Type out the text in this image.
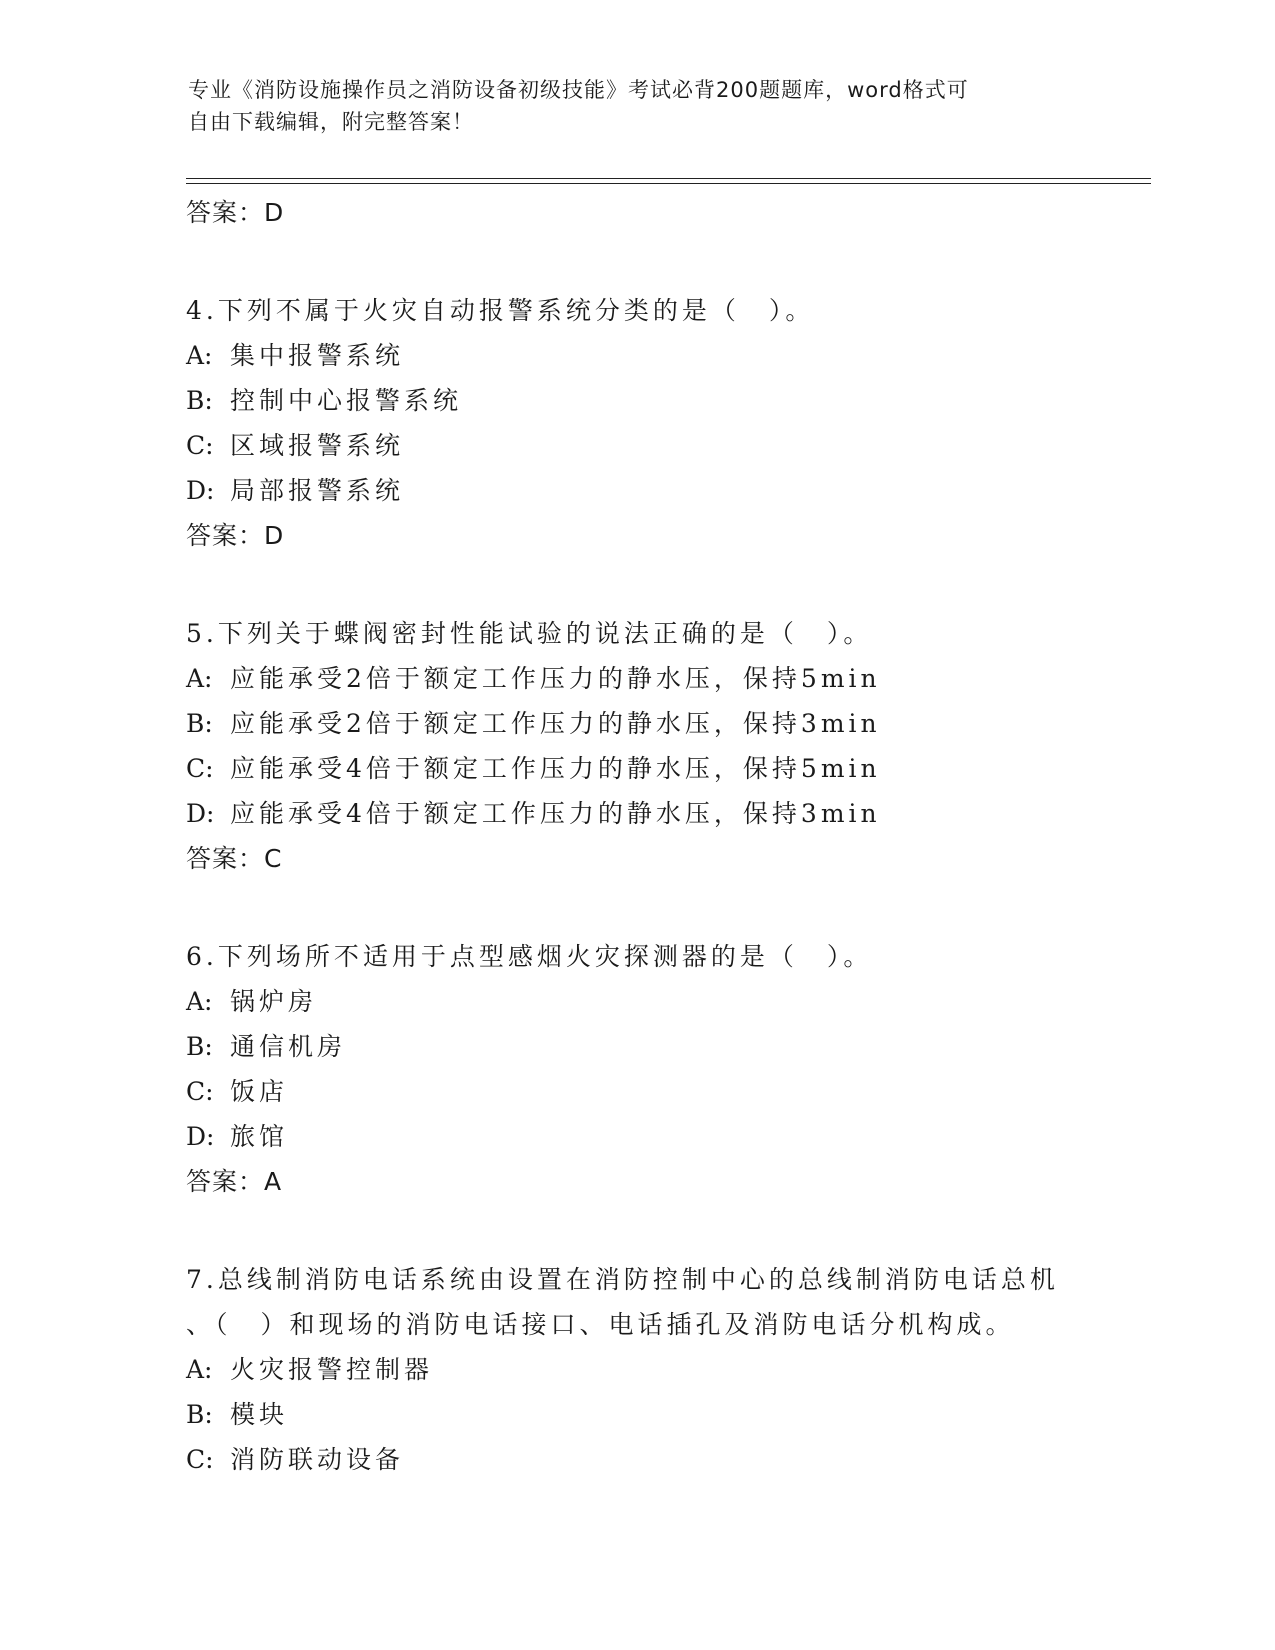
专业《消防设施操作员之消防设备初级技能》考试必背200题题库，word格式可
自由下载编辑，附完整答案！
答案：D
4.下列不属于火灾自动报警系统分类的是（　）。
A: 集中报警系统
B: 控制中心报警系统
C: 区域报警系统
D: 局部报警系统
答案：D
5.下列关于蝶阀密封性能试验的说法正确的是（　）。
A: 应能承受2倍于额定工作压力的静水压，保持5min
B: 应能承受2倍于额定工作压力的静水压，保持3min
C: 应能承受4倍于额定工作压力的静水压，保持5min
D: 应能承受4倍于额定工作压力的静水压，保持3min
答案：C
6.下列场所不适用于点型感烟火灾探测器的是（　）。
A: 锅炉房
B: 通信机房
C: 饭店
D: 旅馆
答案：A
7.总线制消防电话系统由设置在消防控制中心的总线制消防电话总机
、（　）和现场的消防电话接口、电话插孔及消防电话分机构成。
A: 火灾报警控制器
B: 模块
C: 消防联动设备
